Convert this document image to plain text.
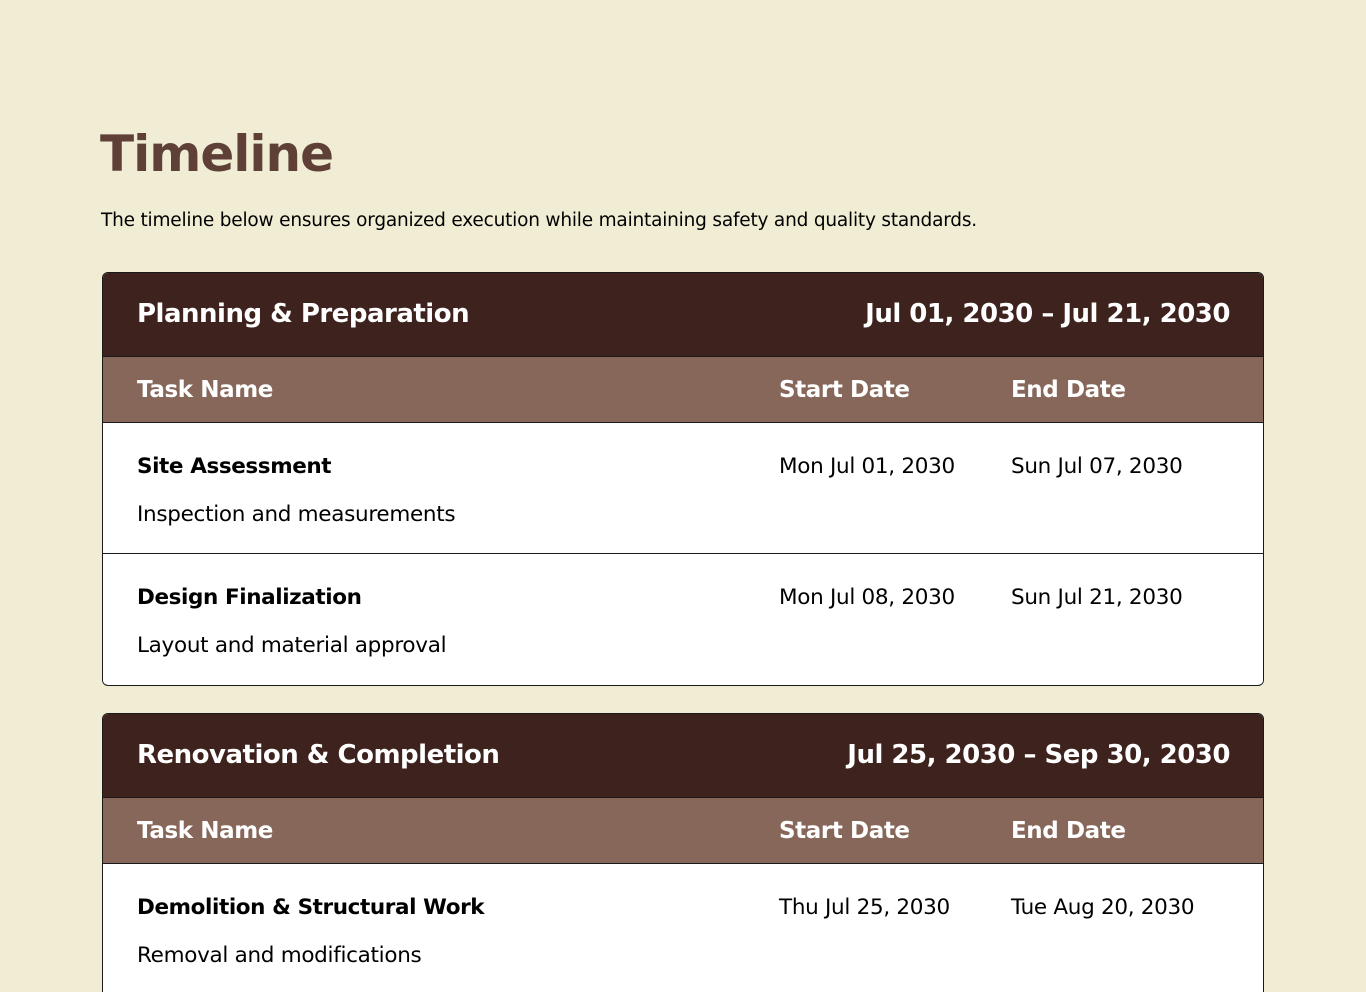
Timeline

The timeline below ensures organized execution while maintaining safety and quality standards.

Planning & Preparation	Jul 01, 2030 – Jul 21, 2030
Task Name	Start Date	End Date
Site Assessment
Inspection and measurements
Mon Jul 01, 2030	Sun Jul 07, 2030
Design Finalization
Layout and material approval
Mon Jul 08, 2030	Sun Jul 21, 2030
Renovation & Completion	Jul 25, 2030 – Sep 30, 2030
Task Name	Start Date	End Date
Demolition & Structural Work
Removal and modifications
Thu Jul 25, 2030	Tue Aug 20, 2030
